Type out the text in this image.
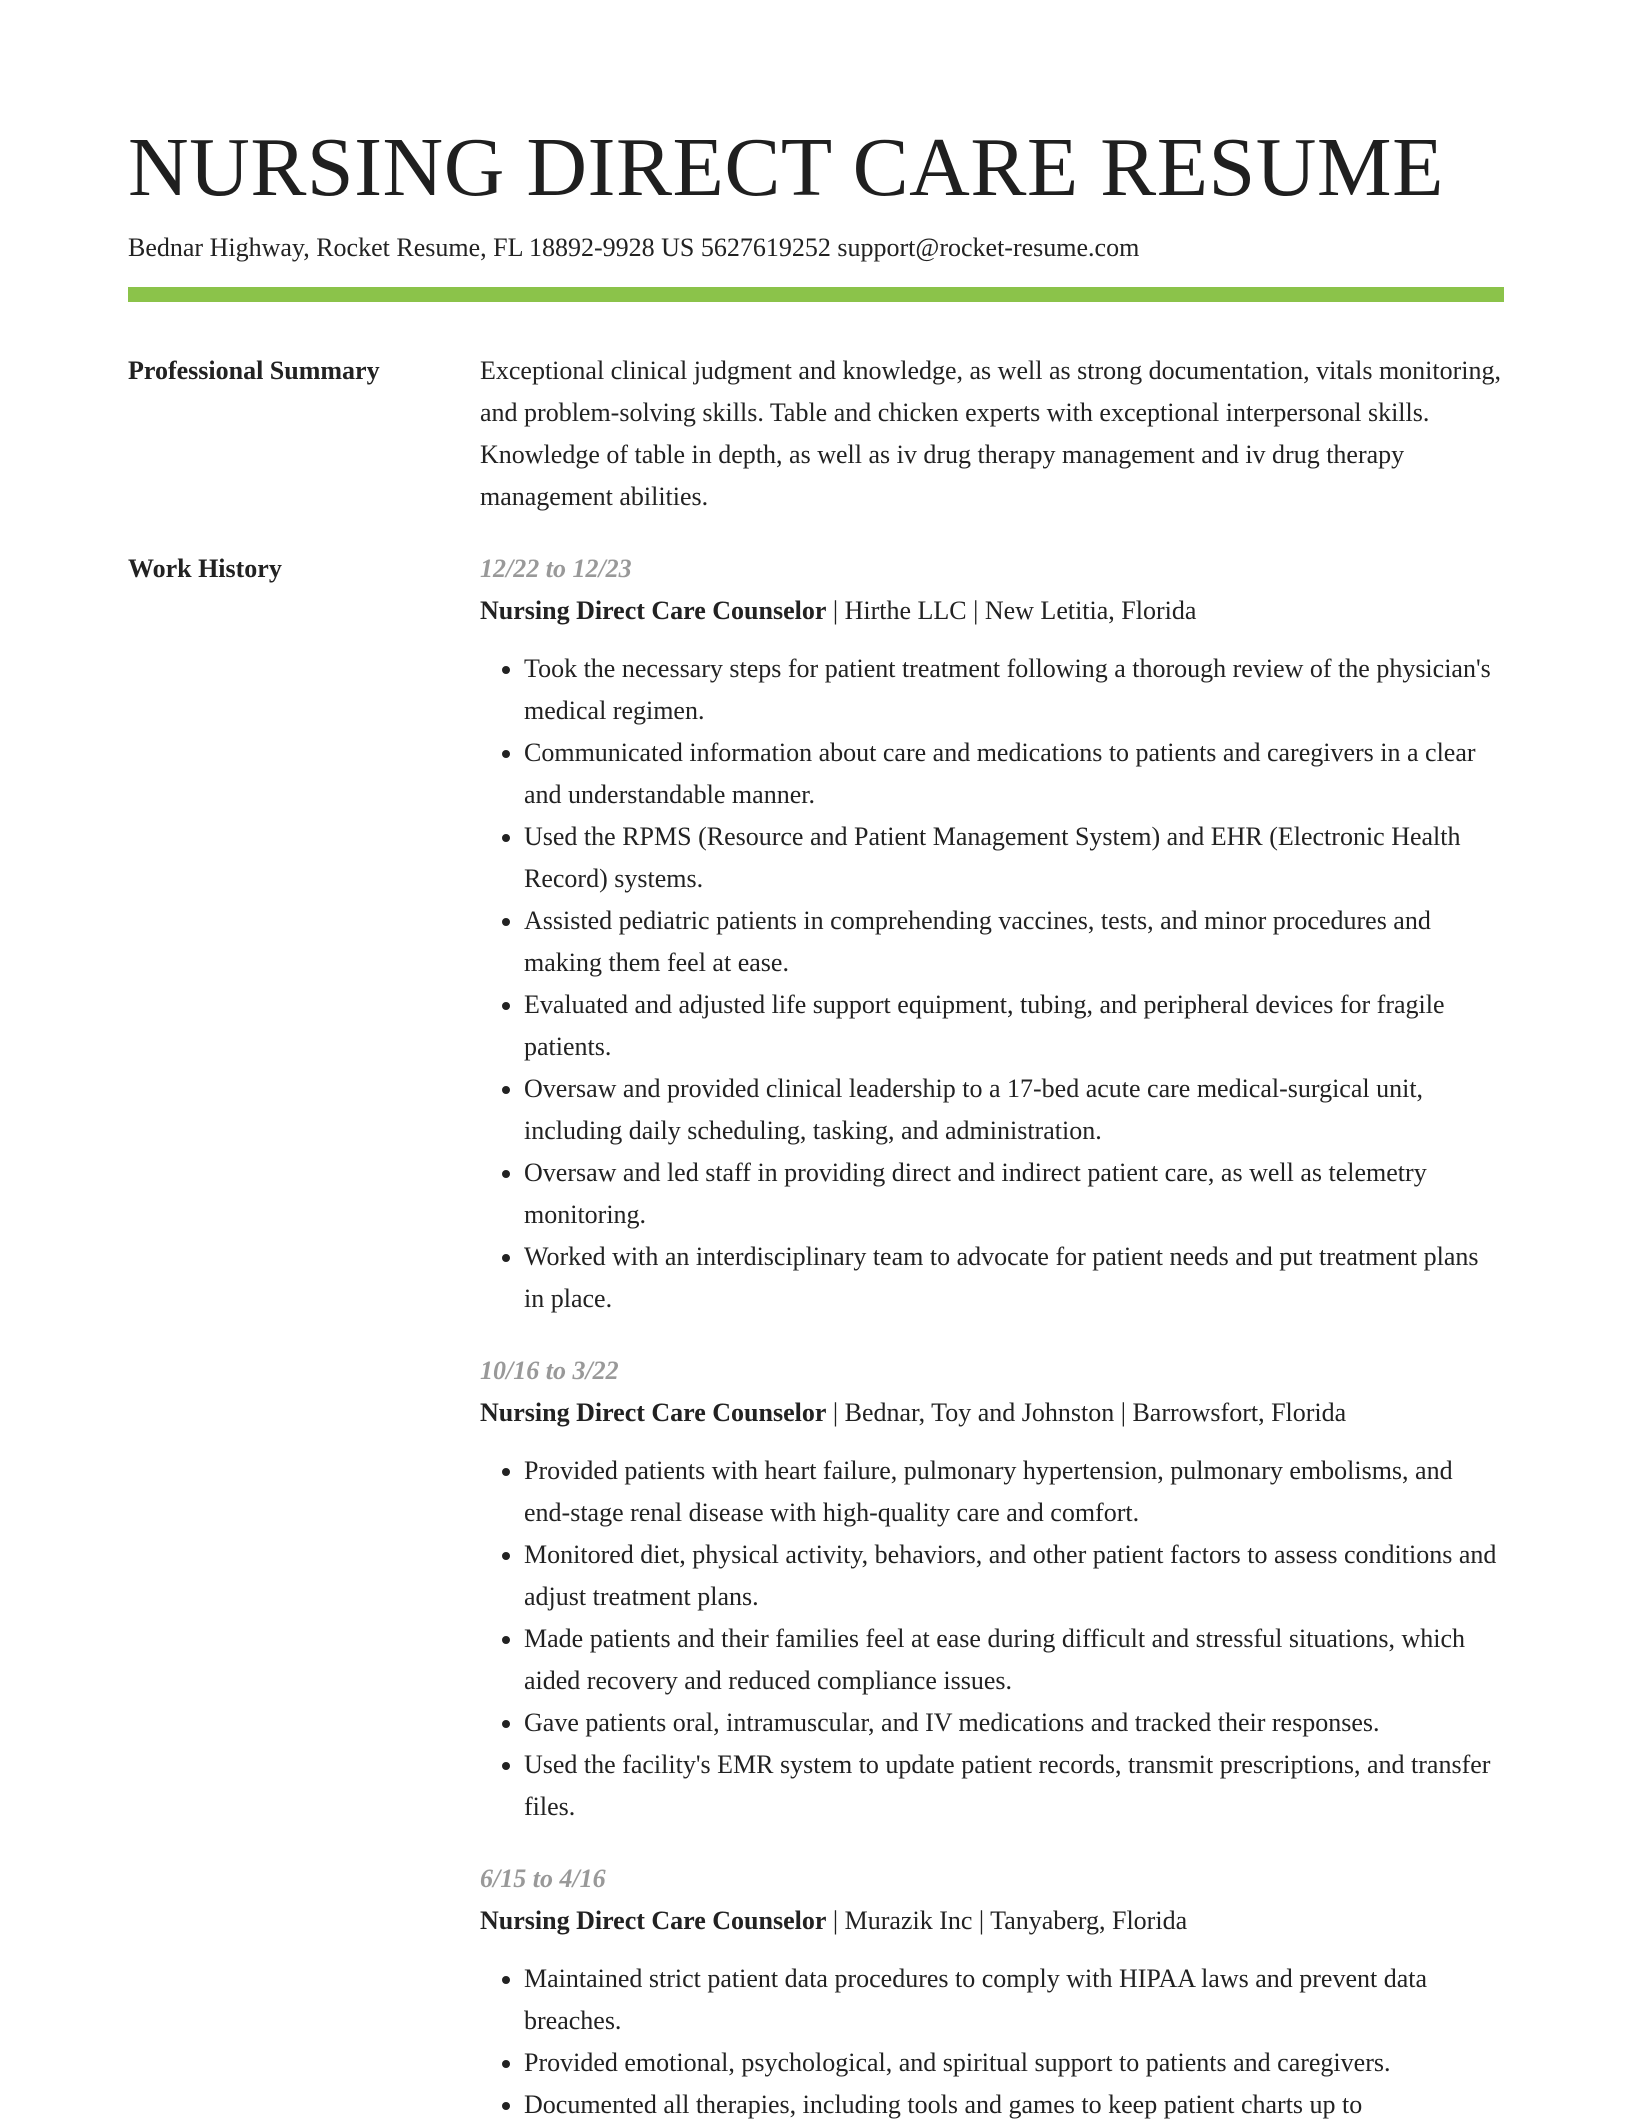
NURSING DIRECT CARE RESUME
Bednar Highway, Rocket Resume, FL 18892-9928 US 5627619252 support@rocket-resume.com
Professional Summary	Exceptional clinical judgment and knowledge, as well as strong documentation, vitals monitoring, and problem-solving skills. Table and chicken experts with exceptional interpersonal skills. Knowledge of table in depth, as well as iv drug therapy management and iv drug therapy management abilities.

Work History	12/22 to 12/23
Nursing Direct Care Counselor | Hirthe LLC | New Letitia, Florida
• Took the necessary steps for patient treatment following a thorough review of the physician's medical regimen.
• Communicated information about care and medications to patients and caregivers in a clear and understandable manner.
• Used the RPMS (Resource and Patient Management System) and EHR (Electronic Health Record) systems.
• Assisted pediatric patients in comprehending vaccines, tests, and minor procedures and making them feel at ease.
• Evaluated and adjusted life support equipment, tubing, and peripheral devices for fragile patients.
• Oversaw and provided clinical leadership to a 17-bed acute care medical-surgical unit, including daily scheduling, tasking, and administration.
• Oversaw and led staff in providing direct and indirect patient care, as well as telemetry monitoring.
• Worked with an interdisciplinary team to advocate for patient needs and put treatment plans in place.
10/16 to 3/22
Nursing Direct Care Counselor | Bednar, Toy and Johnston | Barrowsfort, Florida
• Provided patients with heart failure, pulmonary hypertension, pulmonary embolisms, and end-stage renal disease with high-quality care and comfort.
• Monitored diet, physical activity, behaviors, and other patient factors to assess conditions and adjust treatment plans.
• Made patients and their families feel at ease during difficult and stressful situations, which aided recovery and reduced compliance issues.
• Gave patients oral, intramuscular, and IV medications and tracked their responses.
• Used the facility's EMR system to update patient records, transmit prescriptions, and transfer files.
6/15 to 4/16
Nursing Direct Care Counselor | Murazik Inc | Tanyaberg, Florida
• Maintained strict patient data procedures to comply with HIPAA laws and prevent data breaches.
• Provided emotional, psychological, and spiritual support to patients and caregivers.
• Documented all therapies, including tools and games to keep patient charts up to
